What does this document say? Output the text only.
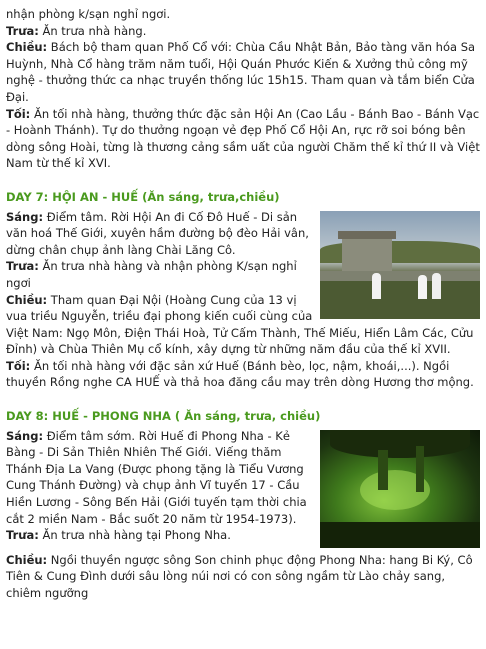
nhận phòng k/sạn nghỉ ngơi.

Trưa: Ăn trưa nhà hàng.

Chiều: Bách bộ tham quan Phố Cổ với: Chùa Cầu Nhật Bản, Bảo tàng văn hóa Sa Huỳnh, Nhà Cổ hàng trăm năm tuổi, Hội Quán Phước Kiến & Xưởng thủ công mỹ nghệ - thưởng thức ca nhạc truyền thống lúc 15h15. Tham quan và tắm biển Cửa Đại.

Tối: Ăn tối nhà hàng, thưởng thức đặc sản Hội An (Cao Lầu - Bánh Bao - Bánh Vạc - Hoành Thánh). Tự do thưởng ngoạn vẻ đẹp Phố Cổ Hội An, rực rỡ soi bóng bên dòng sông Hoài, từng là thương cảng sầm uất của người Chăm thế kỉ thứ II và Việt Nam từ thế kỉ XVI.

DAY 7: HỘI AN - HUẾ (Ăn sáng, trưa,chiều)

Sáng: Điểm tâm. Rời Hội An đi Cố Đô Huế - Di sản văn hoá Thế Giới, xuyên hầm đường bộ đèo Hải vân, dừng chân chụp ảnh làng Chài Lăng Cô.

Trưa: Ăn trưa nhà hàng và nhận phòng K/sạn nghỉ ngơi

Chiều: Tham quan Đại Nội (Hoàng Cung của 13 vị vua triều Nguyễn, triều đại phong kiến cuối cùng của Việt Nam: Ngọ Môn, Điện Thái Hoà, Tử Cấm Thành, Thế Miếu, Hiển Lâm Các, Cửu Đỉnh) và Chùa Thiên Mụ cổ kính, xây dựng từ những năm đầu của thế kỉ XVII.

Tối: Ăn tối nhà hàng với đặc sản xứ Huế (Bánh bèo, lọc, nậm, khoái,...). Ngồi thuyền Rồng nghe CA HUẾ và thả hoa đăng cầu may trên dòng Hương thơ mộng.

DAY 8: HUẾ - PHONG NHA ( Ăn sáng, trưa, chiều)

Sáng: Điểm tâm sớm. Rời Huế đi Phong Nha - Kẻ Bàng - Di Sản Thiên Nhiên Thế Giới. Viếng thăm Thánh Địa La Vang (Được phong tặng là Tiểu Vương Cung Thánh Đường) và chụp ảnh Vĩ tuyến 17 - Cầu Hiền Lương - Sông Bến Hải (Giới tuyến tạm thời chia cắt 2 miền Nam - Bắc suốt 20 năm từ 1954-1973).

Trưa: Ăn trưa nhà hàng tại Phong Nha.

Chiều: Ngồi thuyền ngược sông Son chinh phục động Phong Nha: hang Bi Ký, Cô Tiên & Cung Đình dưới sâu lòng núi nơi có con sông ngầm từ Lào chảy sang, chiêm ngưỡng
